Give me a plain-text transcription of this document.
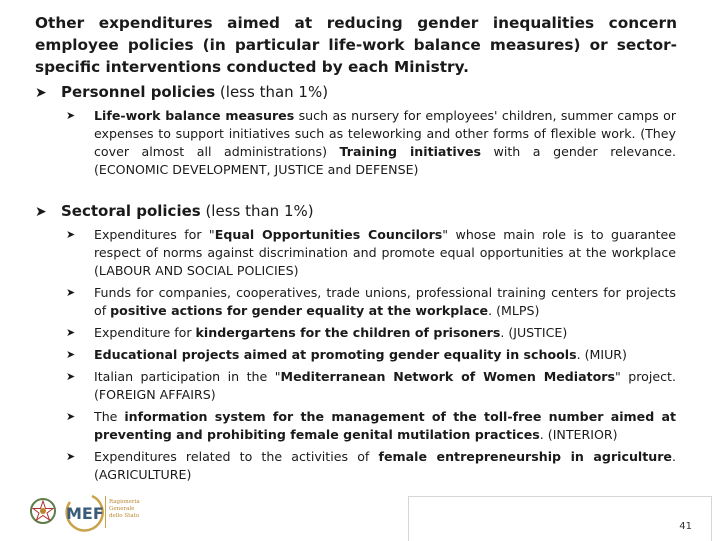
Other expenditures aimed at reducing gender inequalities concern employee policies (in particular life-work balance measures) or sector-specific interventions conducted by each Ministry.
➤ Personnel policies (less than 1%)
➤ Life-work balance measures such as nursery for employees' children, summer camps or expenses to support initiatives such as teleworking and other forms of flexible work. (They cover almost all administrations) Training initiatives with a gender relevance. (ECONOMIC DEVELOPMENT, JUSTICE and DEFENSE)
➤ Sectoral policies (less than 1%)
➤ Expenditures for "Equal Opportunities Councilors" whose main role is to guarantee respect of norms against discrimination and promote equal opportunities at the workplace (LABOUR AND SOCIAL POLICIES)
➤ Funds for companies, cooperatives, trade unions, professional training centers for projects of positive actions for gender equality at the workplace. (MLPS)
➤ Expenditure for kindergartens for the children of prisoners. (JUSTICE)
➤ Educational projects aimed at promoting gender equality in schools. (MIUR)
➤ Italian participation in the "Mediterranean Network of Women Mediators" project. (FOREIGN AFFAIRS)
➤ The information system for the management of the toll-free number aimed at preventing and prohibiting female genital mutilation practices. (INTERIOR)
➤ Expenditures related to the activities of female entrepreneurship in agriculture. (AGRICULTURE)
MEF
Ragioneria Generale dello Stato
41
